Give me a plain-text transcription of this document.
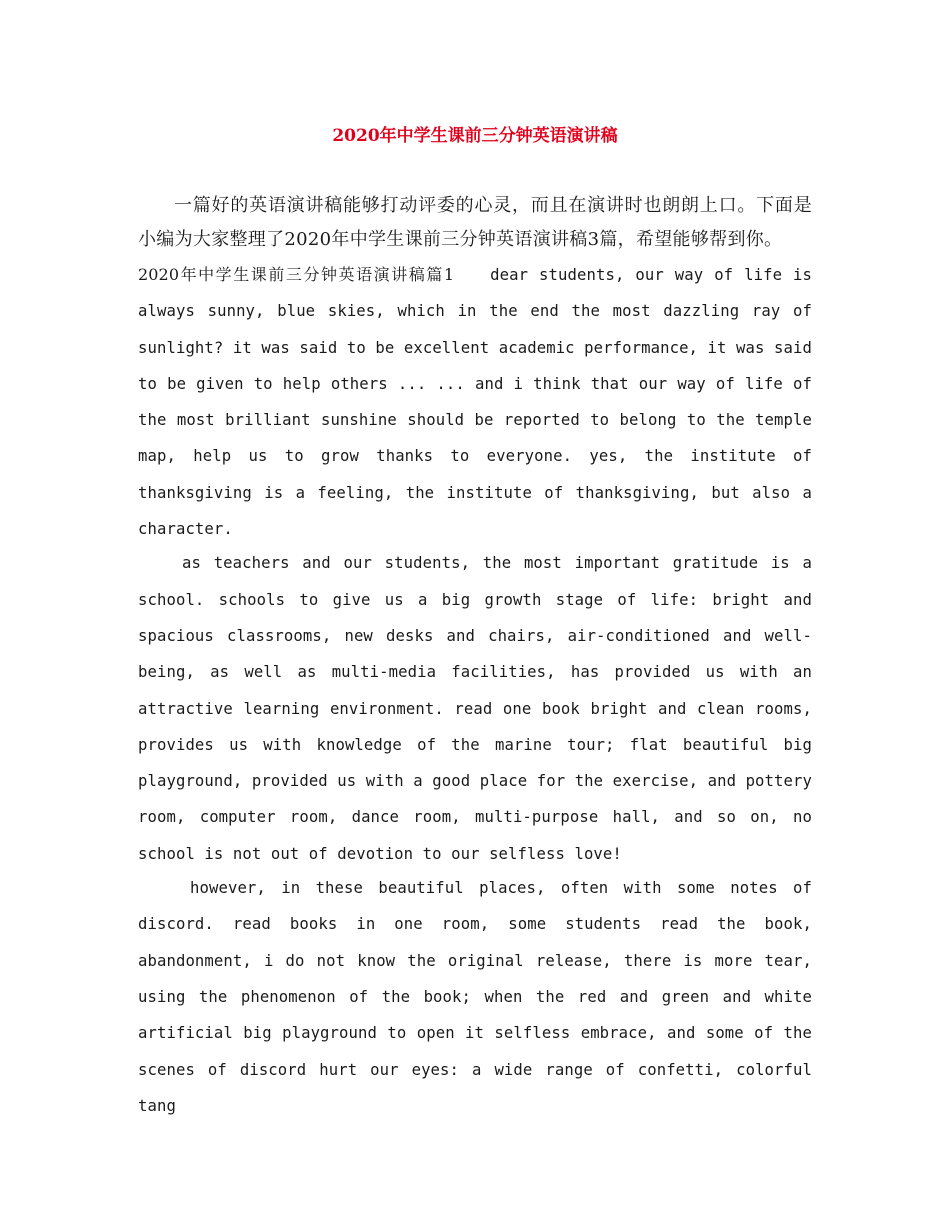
2020年中学生课前三分钟英语演讲稿

一篇好的英语演讲稿能够打动评委的心灵，而且在演讲时也朗朗上口。下面是小编为大家整理了2020年中学生课前三分钟英语演讲稿3篇，希望能够帮到你。

2020年中学生课前三分钟英语演讲稿篇1 dear students, our way of life is always sunny, blue skies, which in the end the most dazzling ray of sunlight? it was said to be excellent academic performance, it was said to be given to help others ... ... and i think that our way of life of the most brilliant sunshine should be reported to belong to the temple map, help us to grow thanks to everyone. yes, the institute of thanksgiving is a feeling, the institute of thanksgiving, but also a character.

as teachers and our students, the most important gratitude is a school. schools to give us a big growth stage of life: bright and spacious classrooms, new desks and chairs, air-conditioned and well-being, as well as multi-media facilities, has provided us with an attractive learning environment. read one book bright and clean rooms, provides us with knowledge of the marine tour; flat beautiful big playground, provided us with a good place for the exercise, and pottery room, computer room, dance room, multi-purpose hall, and so on, no school is not out of devotion to our selfless love!

however, in these beautiful places, often with some notes of discord. read books in one room, some students read the book, abandonment, i do not know the original release, there is more tear, using the phenomenon of the book; when the red and green and white artificial big playground to open it selfless embrace, and some of the scenes of discord hurt our eyes: a wide range of confetti, colorful tang
